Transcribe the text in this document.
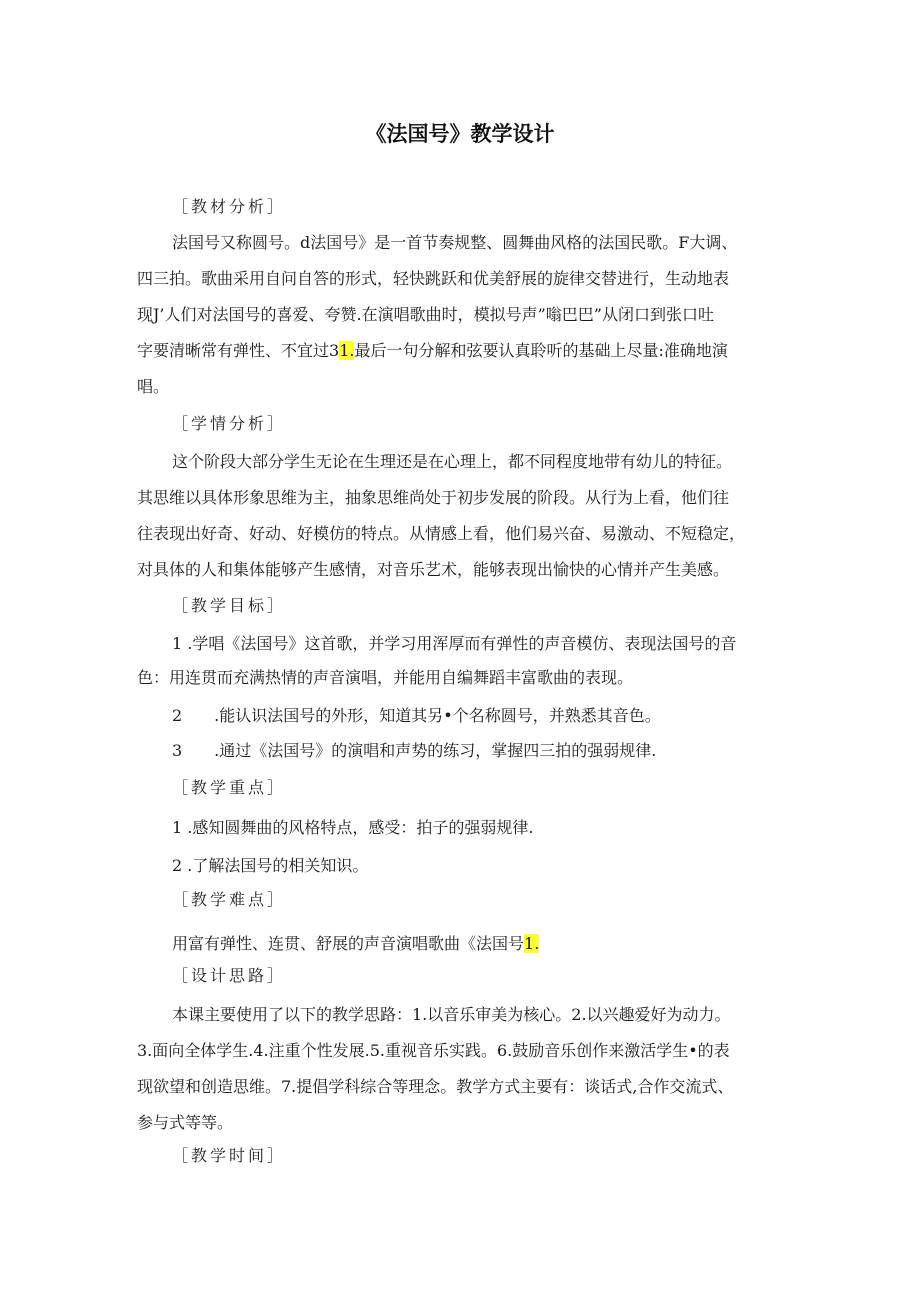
《法国号》教学设计
［教材分析］
法国号又称圆号。d法国号》是一首节奏规整、圆舞曲风格的法国民歌。F大调、
四三拍。歌曲采用自问自答的形式，轻快跳跃和优美舒展的旋律交替进行，生动地表
现J’人们对法国号的喜爱、夸赞.在演唱歌曲时，模拟号声”嗡巴巴”从闭口到张口吐
字要清晰常有弹性、不宜过31.最后一句分解和弦要认真聆听的基础上尽量:准确地演
唱。
［学情分析］
这个阶段大部分学生无论在生理还是在心理上，都不同程度地带有幼儿的特征。
其思维以具体形象思维为主，抽象思维尚处于初步发展的阶段。从行为上看，他们往
往表现出好奇、好动、好模仿的特点。从情感上看，他们易兴奋、易激动、不短稳定，
对具体的人和集体能够产生感情，对音乐艺术，能够表现出愉快的心情并产生美感。
［教学目标］
1 .学唱《法国号》这首歌，并学习用浑厚而有弹性的声音模仿、表现法国号的音
色：用连贯而充满热情的声音演唱，并能用自编舞蹈丰富歌曲的表现。
2　　.能认识法国号的外形，知道其另•个名称圆号，并熟悉其音色。
3　　.通过《法国号》的演唱和声势的练习，掌握四三拍的强弱规律.
［教学重点］
1 .感知圆舞曲的风格特点，感受：拍子的强弱规律.
2 .了解法国号的相关知识。
［教学难点］
用富有弹性、连贯、舒展的声音演唱歌曲《法国号1.
［设计思路］
本课主要使用了以下的教学思路：1.以音乐审美为核心。2.以兴趣爱好为动力。
3.面向全体学生.4.注重个性发展.5.重视音乐实践。6.鼓励音乐创作来激活学生•的表
现欲望和创造思维。7.提倡学科综合等理念。教学方式主要有：谈话式,合作交流式、
参与式等等。
［教学时间］
